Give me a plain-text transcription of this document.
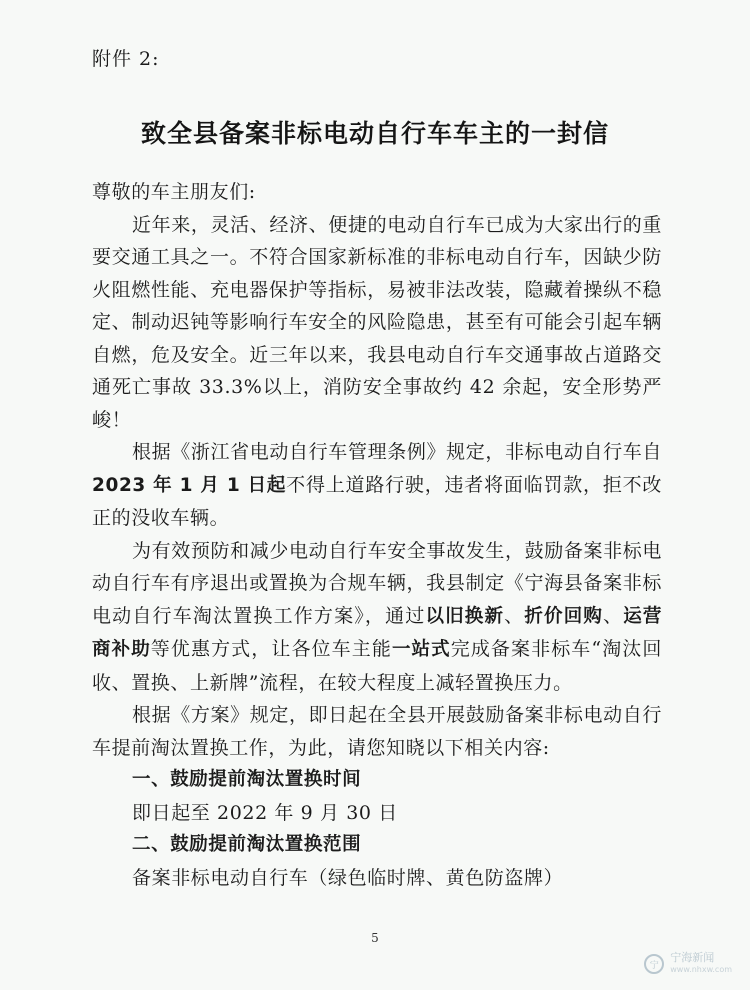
附件 2:
致全县备案非标电动自行车车主的一封信

尊敬的车主朋友们:

近年来，灵活、经济、便捷的电动自行车已成为大家出行的重要交通工具之一。不符合国家新标准的非标电动自行车，因缺少防火阻燃性能、充电器保护等指标，易被非法改装，隐藏着操纵不稳定、制动迟钝等影响行车安全的风险隐患，甚至有可能会引起车辆自燃，危及安全。近三年以来，我县电动自行车交通事故占道路交通死亡事故 33.3%以上，消防安全事故约 42 余起，安全形势严峻！

根据《浙江省电动自行车管理条例》规定，非标电动自行车自2023 年 1 月 1 日起不得上道路行驶，违者将面临罚款，拒不改正的没收车辆。

为有效预防和减少电动自行车安全事故发生，鼓励备案非标电动自行车有序退出或置换为合规车辆，我县制定《宁海县备案非标电动自行车淘汰置换工作方案》，通过以旧换新、折价回购、运营商补助等优惠方式，让各位车主能一站式完成备案非标车“淘汰回收、置换、上新牌”流程，在较大程度上减轻置换压力。

根据《方案》规定，即日起在全县开展鼓励备案非标电动自行车提前淘汰置换工作，为此，请您知晓以下相关内容:

一、鼓励提前淘汰置换时间

即日起至 2022 年 9 月 30 日

二、鼓励提前淘汰置换范围

备案非标电动自行车（绿色临时牌、黄色防盗牌）

5
宁
宁海新闻
www.nhxw.com
